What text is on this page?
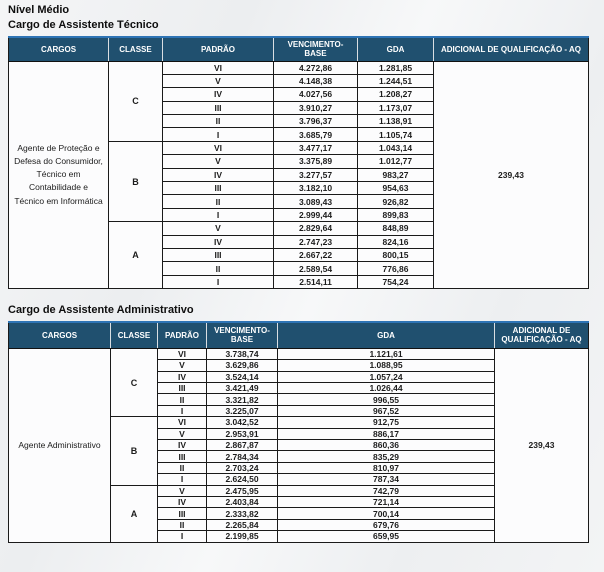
Nível Médio
Cargo de Assistente Técnico
CARGOS	CLASSE	PADRÃO	VENCIMENTO-BASE	GDA	ADICIONAL DE QUALIFICAÇÃO - AQ
Agente de Proteção e Defesa do Consumidor, Técnico em Contabilidade e Técnico em Informática	C	VI	4.272,86	1.281,85	239,43
		V	4.148,38	1.244,51	
		IV	4.027,56	1.208,27	
		III	3.910,27	1.173,07	
		II	3.796,37	1.138,91	
		I	3.685,79	1.105,74	
	B	VI	3.477,17	1.043,14	
		V	3.375,89	1.012,77	
		IV	3.277,57	983,27	
		III	3.182,10	954,63	
		II	3.089,43	926,82	
		I	2.999,44	899,83	
	A	V	2.829,64	848,89	
		IV	2.747,23	824,16	
		III	2.667,22	800,15	
		II	2.589,54	776,86	
		I	2.514,11	754,24	
Cargo de Assistente Administrativo
CARGOS	CLASSE	PADRÃO	VENCIMENTO-BASE	GDA	ADICIONAL DE QUALIFICAÇÃO - AQ
Agente Administrativo	C	VI	3.738,74	1.121,61	239,43
		V	3.629,86	1.088,95	
		IV	3.524,14	1.057,24	
		III	3.421,49	1.026,44	
		II	3.321,82	996,55	
		I	3.225,07	967,52	
	B	VI	3.042,52	912,75	
		V	2.953,91	886,17	
		IV	2.867,87	860,36	
		III	2.784,34	835,29	
		II	2.703,24	810,97	
		I	2.624,50	787,34	
	A	V	2.475,95	742,79	
		IV	2.403,84	721,14	
		III	2.333,82	700,14	
		II	2.265,84	679,76	
		I	2.199,85	659,95	
